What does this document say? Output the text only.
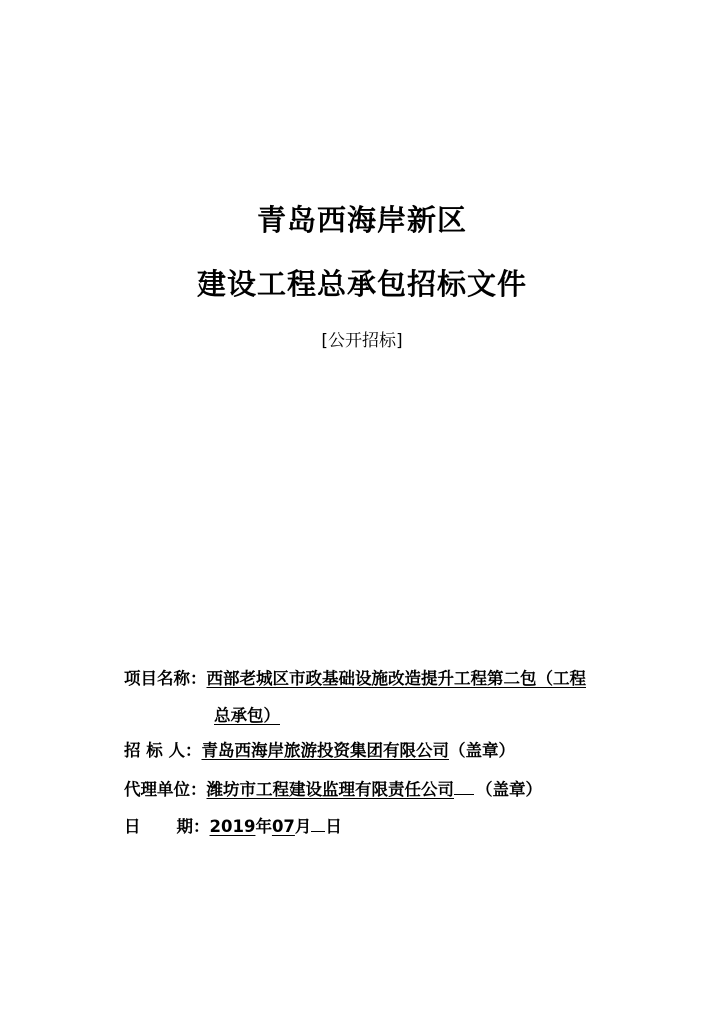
青岛西海岸新区
建设工程总承包招标文件
[公开招标]
项目名称：西部老城区市政基础设施改造提升工程第二包（工程
总承包）
招 标 人：青岛西海岸旅游投资集团有限公司（盖章）
代理单位：潍坊市工程建设监理有限责任公司 （盖章）
日 期：2019年07月 日
